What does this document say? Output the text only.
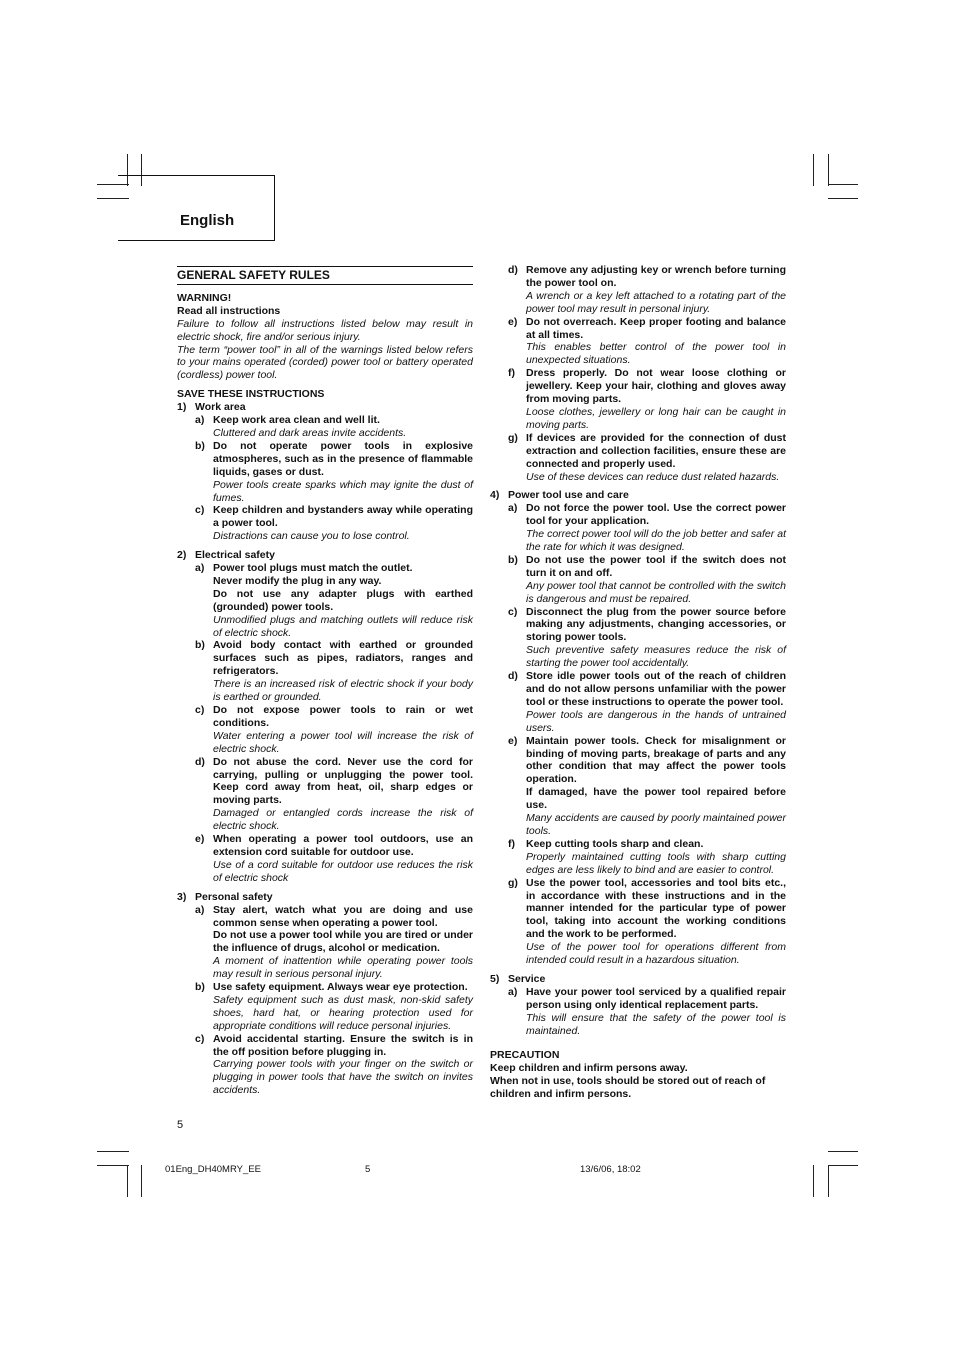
English
GENERAL SAFETY RULES
WARNING!
Read all instructions
Failure to follow all instructions listed below may result in electric shock, fire and/or serious injury.
The term “power tool” in all of the warnings listed below refers to your mains operated (corded) power tool or battery operated (cordless) power tool.
SAVE THESE INSTRUCTIONS
1) Work area
a) Keep work area clean and well lit.
Cluttered and dark areas invite accidents.
b) Do not operate power tools in explosive atmospheres, such as in the presence of flammable liquids, gases or dust.
Power tools create sparks which may ignite the dust of fumes.
c) Keep children and bystanders away while operating a power tool.
Distractions can cause you to lose control.
2) Electrical safety
a) Power tool plugs must match the outlet.
Never modify the plug in any way.
Do not use any adapter plugs with earthed (grounded) power tools.
Unmodified plugs and matching outlets will reduce risk of electric shock.
b) Avoid body contact with earthed or grounded surfaces such as pipes, radiators, ranges and refrigerators.
There is an increased risk of electric shock if your body is earthed or grounded.
c) Do not expose power tools to rain or wet conditions.
Water entering a power tool will increase the risk of electric shock.
d) Do not abuse the cord. Never use the cord for carrying, pulling or unplugging the power tool. Keep cord away from heat, oil, sharp edges or moving parts.
Damaged or entangled cords increase the risk of electric shock.
e) When operating a power tool outdoors, use an extension cord suitable for outdoor use.
Use of a cord suitable for outdoor use reduces the risk of electric shock
3) Personal safety
a) Stay alert, watch what you are doing and use common sense when operating a power tool.
Do not use a power tool while you are tired or under the influence of drugs, alcohol or medication.
A moment of inattention while operating power tools may result in serious personal injury.
b) Use safety equipment. Always wear eye protection.
Safety equipment such as dust mask, non-skid safety shoes, hard hat, or hearing protection used for appropriate conditions will reduce personal injuries.
c) Avoid accidental starting. Ensure the switch is in the off position before plugging in.
Carrying power tools with your finger on the switch or plugging in power tools that have the switch on invites accidents.
d) Remove any adjusting key or wrench before turning the power tool on.
A wrench or a key left attached to a rotating part of the power tool may result in personal injury.
e) Do not overreach. Keep proper footing and balance at all times.
This enables better control of the power tool in unexpected situations.
f)	Dress properly. Do not wear loose clothing or jewellery. Keep your hair, clothing and gloves away from moving parts.
Loose clothes, jewellery or long hair can be caught in moving parts.
g) If devices are provided for the connection of dust extraction and collection facilities, ensure these are connected and properly used.
Use of these devices can reduce dust related hazards.
4) Power tool use and care
a) Do not force the power tool. Use the correct power tool for your application.
The correct power tool will do the job better and safer at the rate for which it was designed.
b) Do not use the power tool if the switch does not turn it on and off.
Any power tool that cannot be controlled with the switch is dangerous and must be repaired.
c) Disconnect the plug from the power source before making any adjustments, changing accessories, or storing power tools.
Such preventive safety measures reduce the risk of starting the power tool accidentally.
d) Store idle power tools out of the reach of children and do not allow persons unfamiliar with the power tool or these instructions to operate the power tool.
Power tools are dangerous in the hands of untrained users.
e) Maintain power tools. Check for misalignment or binding of moving parts, breakage of parts and any other condition that may affect the power tools operation.
If damaged, have the power tool repaired before use.
Many accidents are caused by poorly maintained power tools.
f)	Keep cutting tools sharp and clean.
Properly maintained cutting tools with sharp cutting edges are less likely to bind and are easier to control.
g) Use the power tool, accessories and tool bits etc., in accordance with these instructions and in the manner intended for the particular type of power tool, taking into account the working conditions and the work to be performed.
Use of the power tool for operations different from intended could result in a hazardous situation.
5) Service
a) Have your power tool serviced by a qualified repair person using only identical replacement parts.
This will ensure that the safety of the power tool is maintained.
PRECAUTION
Keep children and infirm persons away.
When not in use, tools should be stored out of reach of children and infirm persons.
5
01Eng_DH40MRY_EE	5	13/6/06, 18:02
